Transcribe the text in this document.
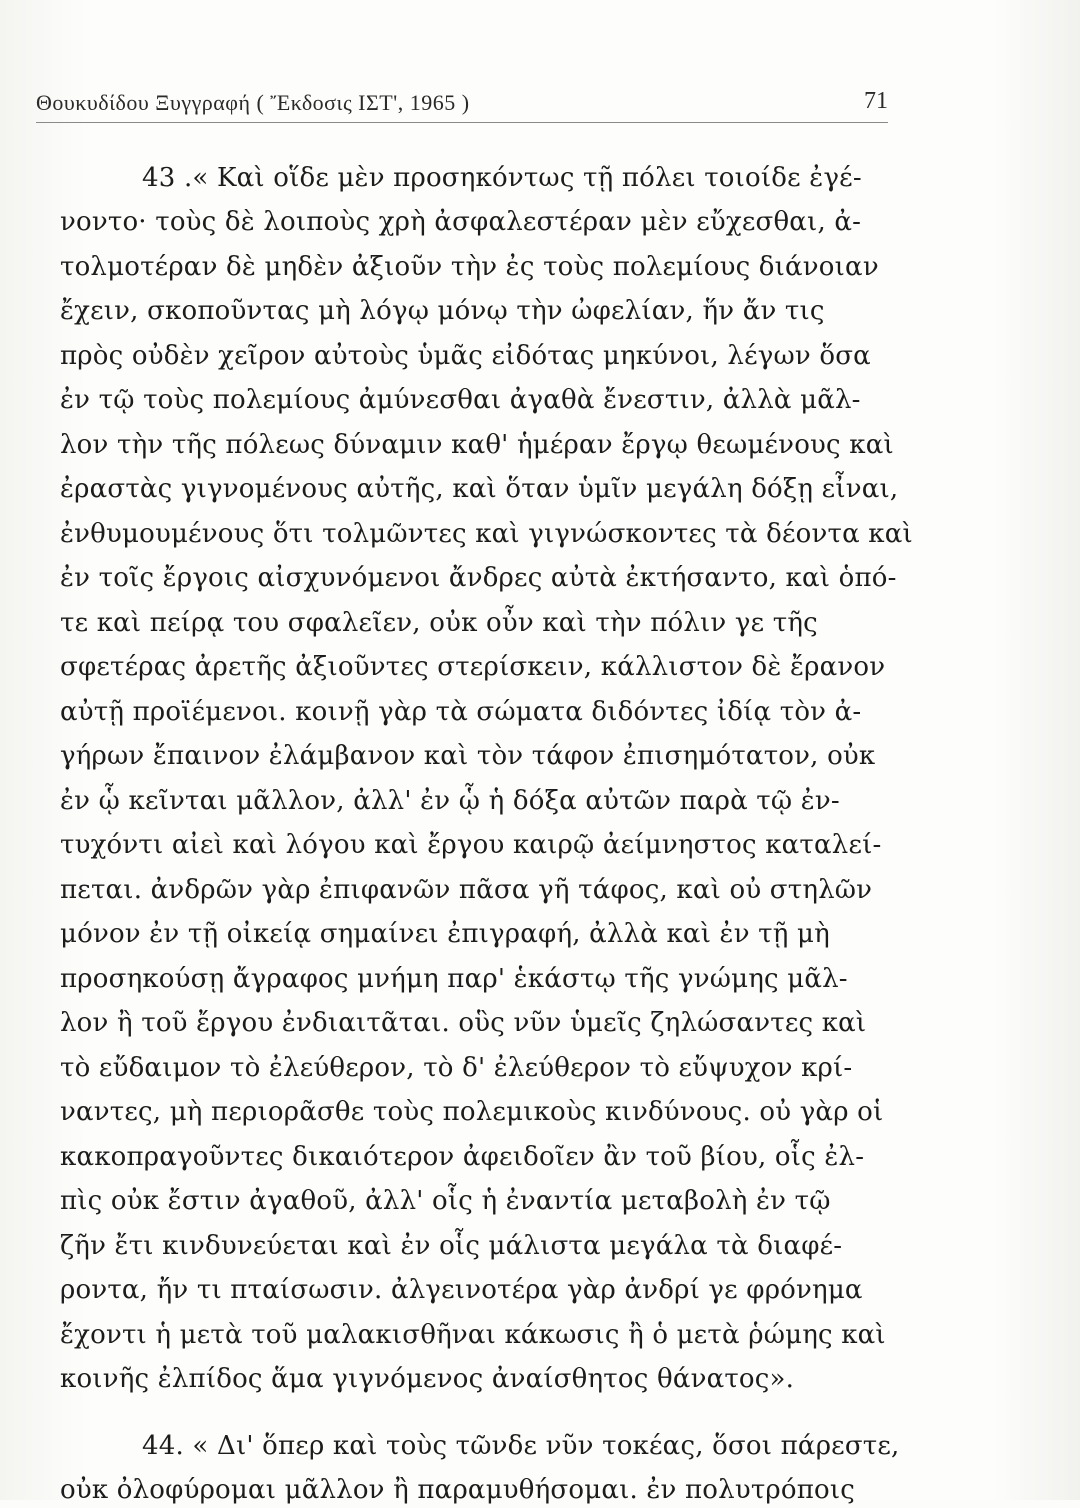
Θουκυδίδου Ξυγγραφή ( Ἔκδοσις ΙΣΤ', 1965 )	71
43 .« Καὶ οἵδε μὲν προσηκόντως τῇ πόλει τοιοίδε ἐγέ-
νοντο· τοὺς δὲ λοιποὺς χρὴ ἀσφαλεστέραν μὲν εὔχεσθαι, ἀ-
τολμοτέραν δὲ μηδὲν ἀξιοῦν τὴν ἐς τοὺς πολεμίους διάνοιαν
ἔχειν, σκοποῦντας μὴ λόγῳ μόνῳ τὴν ὠφελίαν, ἥν ἄν τις
πρὸς οὐδὲν χεῖρον αὐτοὺς ὑμᾶς εἰδότας μηκύνοι, λέγων ὅσα
ἐν τῷ τοὺς πολεμίους ἀμύνεσθαι ἀγαθὰ ἔνεστιν, ἀλλὰ μᾶλ-
λον τὴν τῆς πόλεως δύναμιν καθ' ἡμέραν ἔργῳ θεωμένους καὶ
ἐραστὰς γιγνομένους αὐτῆς, καὶ ὅταν ὑμῖν μεγάλη δόξῃ εἶναι,
ἐνθυμουμένους ὅτι τολμῶντες καὶ γιγνώσκοντες τὰ δέοντα καὶ
ἐν τοῖς ἔργοις αἰσχυνόμενοι ἄνδρες αὐτὰ ἐκτήσαντο, καὶ ὁπό-
τε καὶ πείρᾳ του σφαλεῖεν, οὐκ οὖν καὶ τὴν πόλιν γε τῆς
σφετέρας ἀρετῆς ἀξιοῦντες στερίσκειν, κάλλιστον δὲ ἔρανον
αὐτῇ προϊέμενοι. κοινῇ γὰρ τὰ σώματα διδόντες ἰδίᾳ τὸν ἀ-
γήρων ἔπαινον ἐλάμβανον καὶ τὸν τάφον ἐπισημότατον, οὐκ
ἐν ᾧ κεῖνται μᾶλλον, ἀλλ' ἐν ᾧ ἡ δόξα αὐτῶν παρὰ τῷ ἐν-
τυχόντι αἰεὶ καὶ λόγου καὶ ἔργου καιρῷ ἀείμνηστος καταλεί-
πεται. ἀνδρῶν γὰρ ἐπιφανῶν πᾶσα γῆ τάφος, καὶ οὐ στηλῶν
μόνον ἐν τῇ οἰκείᾳ σημαίνει ἐπιγραφή, ἀλλὰ καὶ ἐν τῇ μὴ
προσηκούσῃ ἄγραφος μνήμη παρ' ἑκάστῳ τῆς γνώμης μᾶλ-
λον ἢ τοῦ ἔργου ἐνδιαιτᾶται. οὓς νῦν ὑμεῖς ζηλώσαντες καὶ
τὸ εὔδαιμον τὸ ἐλεύθερον, τὸ δ' ἐλεύθερον τὸ εὔψυχον κρί-
ναντες, μὴ περιορᾶσθε τοὺς πολεμικοὺς κινδύνους. οὐ γὰρ οἱ
κακοπραγοῦντες δικαιότερον ἀφειδοῖεν ἂν τοῦ βίου, οἷς ἐλ-
πὶς οὐκ ἔστιν ἀγαθοῦ, ἀλλ' οἷς ἡ ἐναντία μεταβολὴ ἐν τῷ
ζῆν ἔτι κινδυνεύεται καὶ ἐν οἷς μάλιστα μεγάλα τὰ διαφέ-
ροντα, ἤν τι πταίσωσιν. ἀλγεινοτέρα γὰρ ἀνδρί γε φρόνημα
ἔχοντι ἡ μετὰ τοῦ μαλακισθῆναι κάκωσις ἢ ὁ μετὰ ῥώμης καὶ
κοινῆς ἐλπίδος ἅμα γιγνόμενος ἀναίσθητος θάνατος».
44. « Δι' ὅπερ καὶ τοὺς τῶνδε νῦν τοκέας, ὅσοι πάρεστε,
οὐκ ὀλοφύρομαι μᾶλλον ἢ παραμυθήσομαι. ἐν πολυτρόποις
